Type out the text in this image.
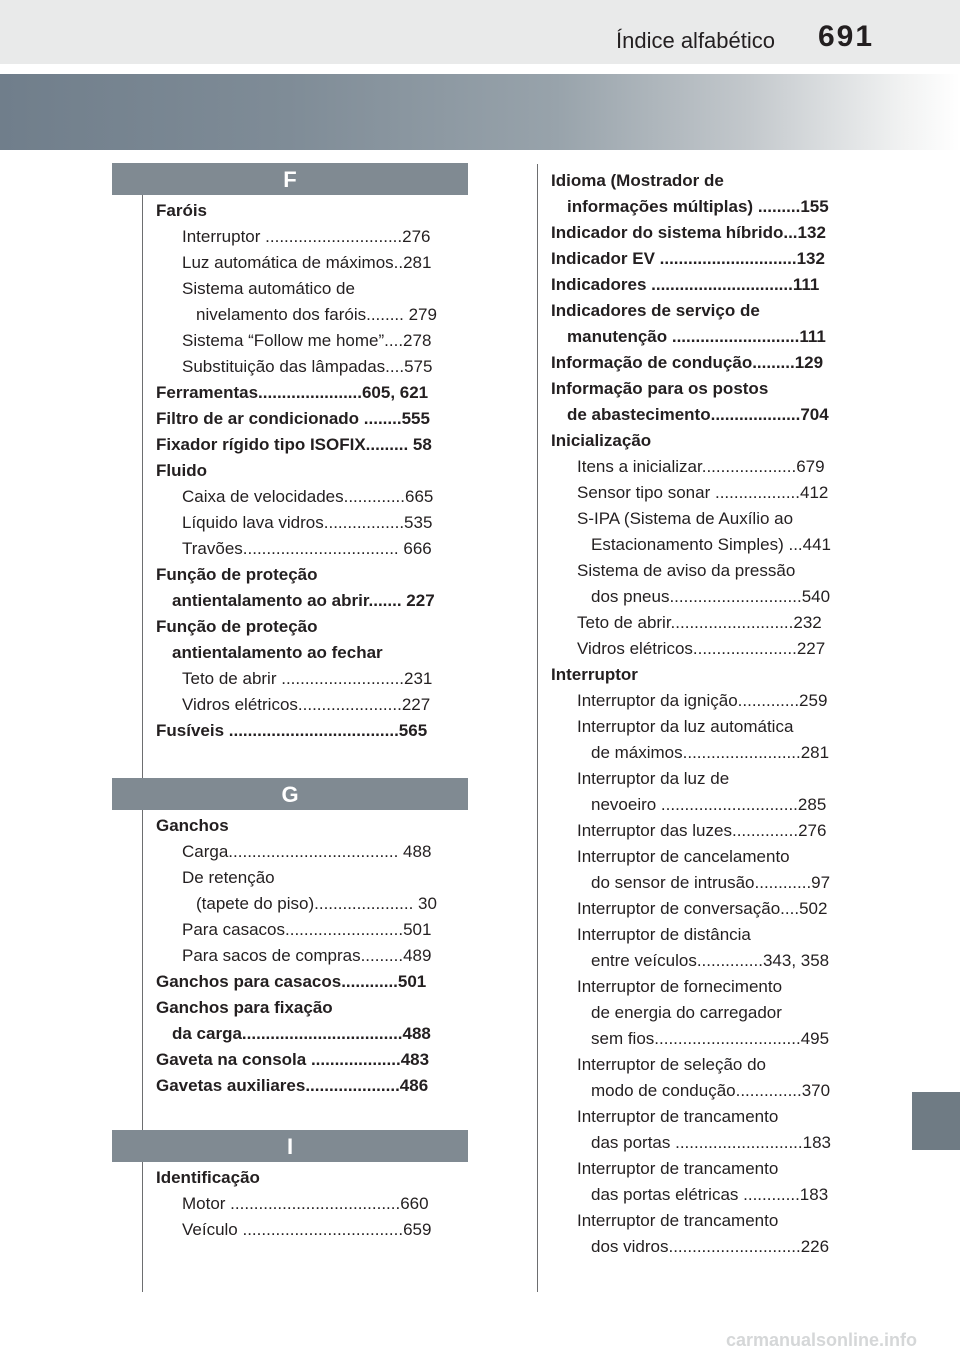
Índice alfabético 691
F
Faróis
Interruptor .............................276
Luz automática de máximos..281
Sistema automático de
nivelamento dos faróis........ 279
Sistema “Follow me home”....278
Substituição das lâmpadas....575
Ferramentas......................605, 621
Filtro de ar condicionado ........555
Fixador rígido tipo ISOFIX......... 58
Fluido
Caixa de velocidades.............665
Líquido lava vidros.................535
Travões................................. 666
Função de proteção
antientalamento ao abrir....... 227
Função de proteção
antientalamento ao fechar
Teto de abrir ..........................231
Vidros elétricos......................227
Fusíveis ....................................565
G
Ganchos
Carga.................................... 488
De retenção
(tapete do piso)..................... 30
Para casacos.........................501
Para sacos de compras.........489
Ganchos para casacos............501
Ganchos para fixação
da carga..................................488
Gaveta na consola ...................483
Gavetas auxiliares....................486
I
Identificação
Motor ....................................660
Veículo ..................................659
Idioma (Mostrador de
informações múltiplas) .........155
Indicador do sistema híbrido...132
Indicador EV .............................132
Indicadores ..............................111
Indicadores de serviço de
manutenção ...........................111
Informação de condução.........129
Informação para os postos
de abastecimento...................704
Inicialização
Itens a inicializar....................679
Sensor tipo sonar ..................412
S-IPA (Sistema de Auxílio ao
Estacionamento Simples) ...441
Sistema de aviso da pressão
dos pneus............................540
Teto de abrir..........................232
Vidros elétricos......................227
Interruptor
Interruptor da ignição.............259
Interruptor da luz automática
de máximos.........................281
Interruptor da luz de
nevoeiro .............................285
Interruptor das luzes..............276
Interruptor de cancelamento
do sensor de intrusão............97
Interruptor de conversação....502
Interruptor de distância
entre veículos..............343, 358
Interruptor de fornecimento
de energia do carregador
sem fios...............................495
Interruptor de seleção do
modo de condução..............370
Interruptor de trancamento
das portas ...........................183
Interruptor de trancamento
das portas elétricas ............183
Interruptor de trancamento
dos vidros............................226
carmanualsonline.info
